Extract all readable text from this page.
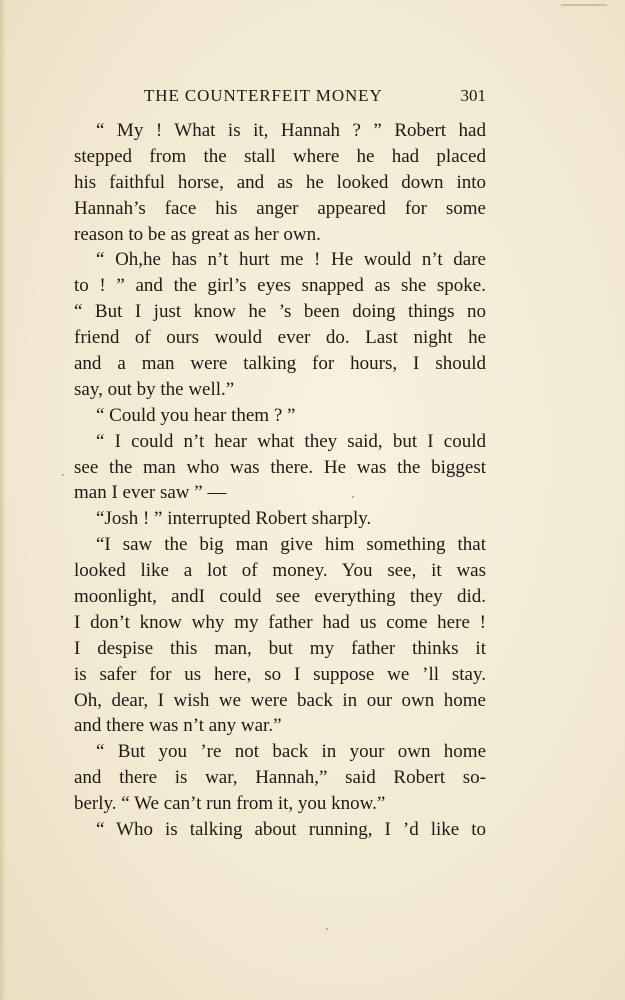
THE COUNTERFEIT MONEY	301
“ My ! What is it, Hannah ? ” Robert had
stepped from the stall where he had placed
his faithful horse, and as he looked down into
Hannah’s face his anger appeared for some
reason to be as great as her own.
“ Oh,he has n’t hurt me ! He would n’t dare
to ! ” and the girl’s eyes snapped as she spoke.
“ But I just know he ’s been doing things no
friend of ours would ever do. Last night he
and a man were talking for hours, I should
say, out by the well.”
“ Could you hear them ? ”
“ I could n’t hear what they said, but I could
see the man who was there. He was the biggest
man I ever saw ” —
“Josh ! ” interrupted Robert sharply.
“I saw the big man give him something that
looked like a lot of money. You see, it was
moonlight, andI could see everything they did.
I don’t know why my father had us come here !
I despise this man, but my father thinks it
is safer for us here, so I suppose we ’ll stay.
Oh, dear, I wish we were back in our own home
and there was n’t any war.”
“ But you ’re not back in your own home
and there is war, Hannah,” said Robert so-
berly. “ We can’t run from it, you know.”
“ Who is talking about running, I ’d like to
